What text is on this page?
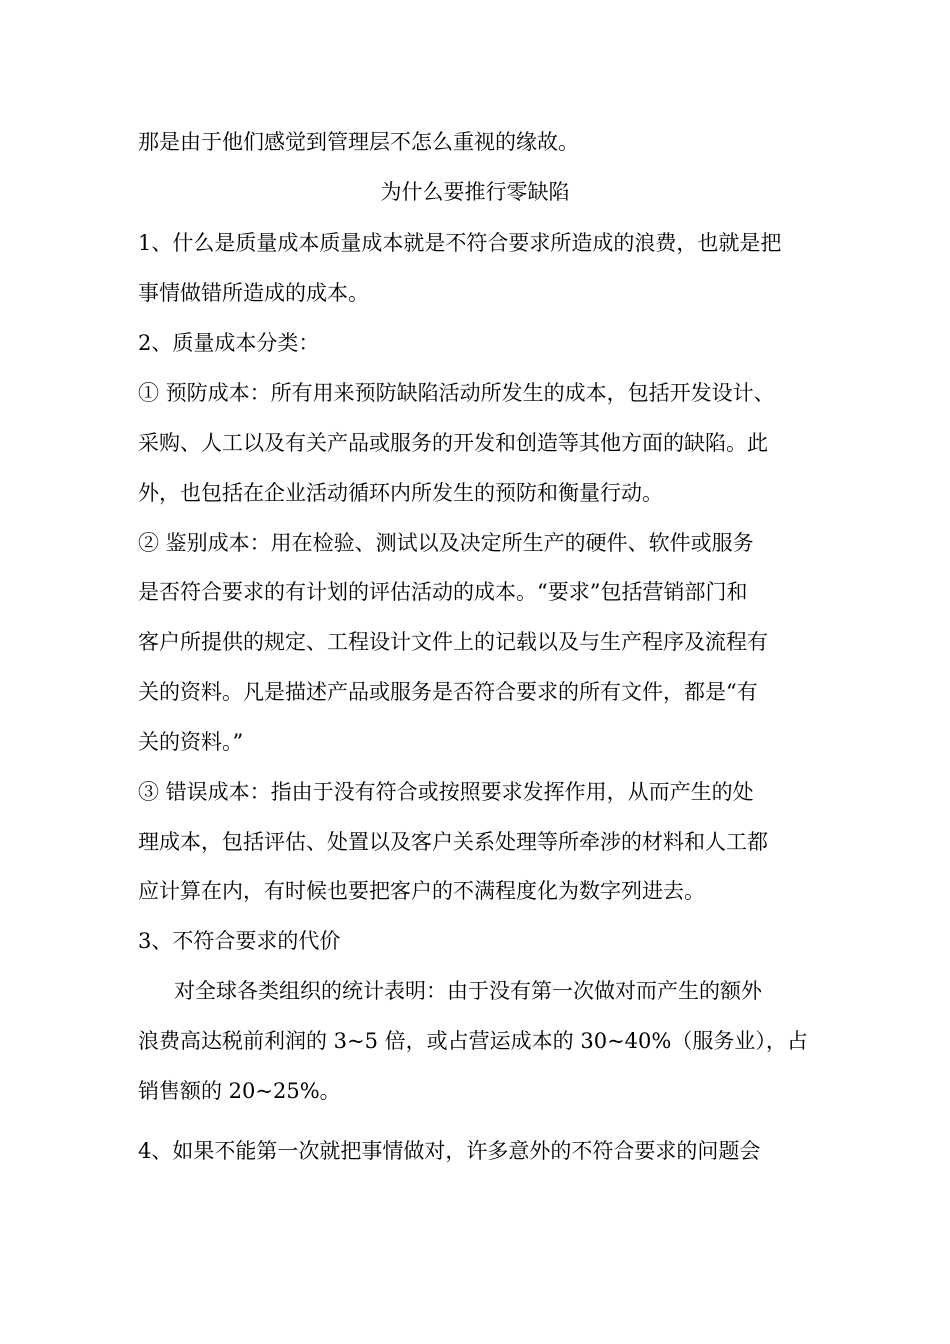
那是由于他们感觉到管理层不怎么重视的缘故。
为什么要推行零缺陷
1、什么是质量成本质量成本就是不符合要求所造成的浪费，也就是把
事情做错所造成的成本。
2、质量成本分类：
① 预防成本：所有用来预防缺陷活动所发生的成本，包括开发设计、
采购、人工以及有关产品或服务的开发和创造等其他方面的缺陷。此
外，也包括在企业活动循环内所发生的预防和衡量行动。
② 鉴别成本：用在检验、测试以及决定所生产的硬件、软件或服务
是否符合要求的有计划的评估活动的成本。“要求”包括营销部门和
客户所提供的规定、工程设计文件上的记载以及与生产程序及流程有
关的资料。凡是描述产品或服务是否符合要求的所有文件，都是“有
关的资料。”
③ 错误成本：指由于没有符合或按照要求发挥作用，从而产生的处
理成本，包括评估、处置以及客户关系处理等所牵涉的材料和人工都
应计算在内，有时候也要把客户的不满程度化为数字列进去。
3、不符合要求的代价
对全球各类组织的统计表明：由于没有第一次做对而产生的额外
浪费高达税前利润的 3~5 倍，或占营运成本的 30~40%（服务业），占
销售额的 20~25%。
4、如果不能第一次就把事情做对，许多意外的不符合要求的问题会
